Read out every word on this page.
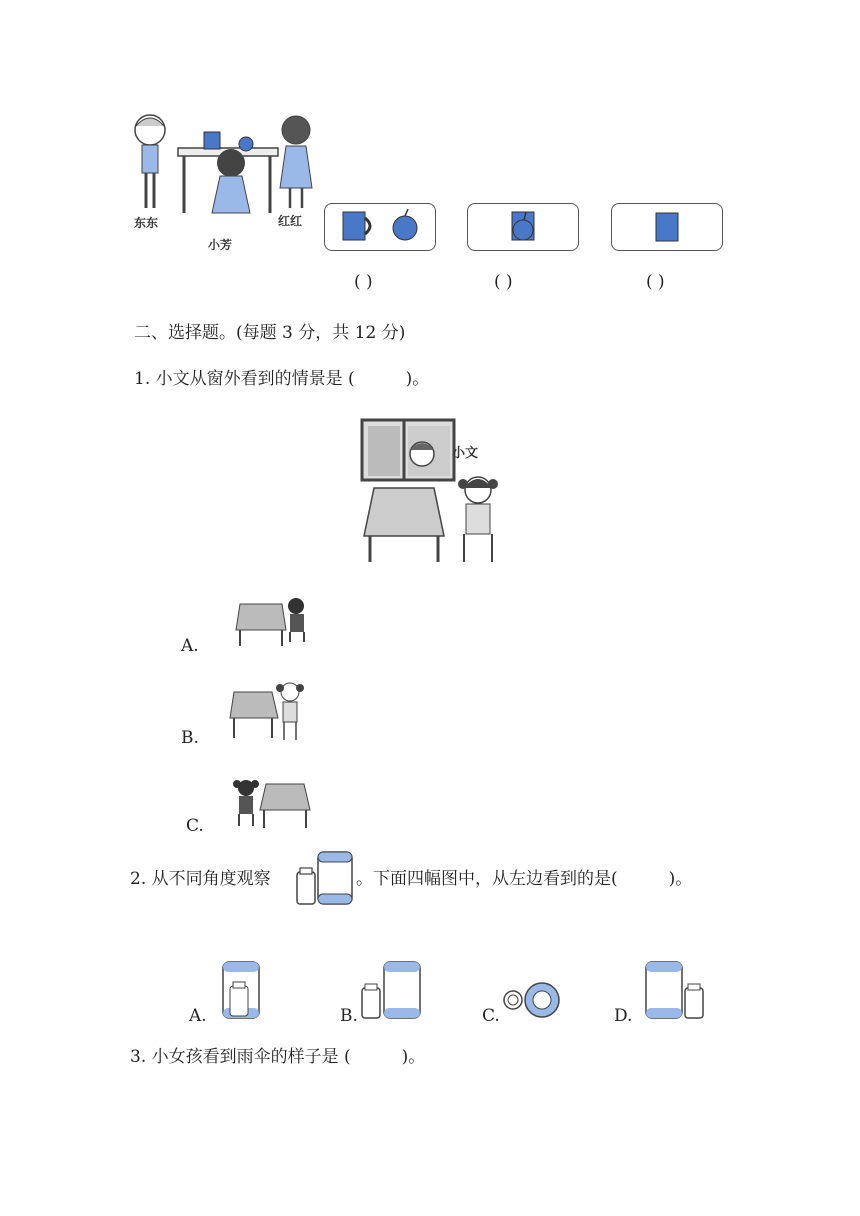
东东	红红
小芳
( )	( )	( )
二、选择题。(每题 3 分，共 12 分)
1. 小文从窗外看到的情景是 (　　　)。
小文
A.
B.
C.
2. 从不同角度观察	。下面四幅图中，从左边看到的是(　　　)。
A.	B.	C.	D.
3. 小女孩看到雨伞的样子是 (　　　)。
